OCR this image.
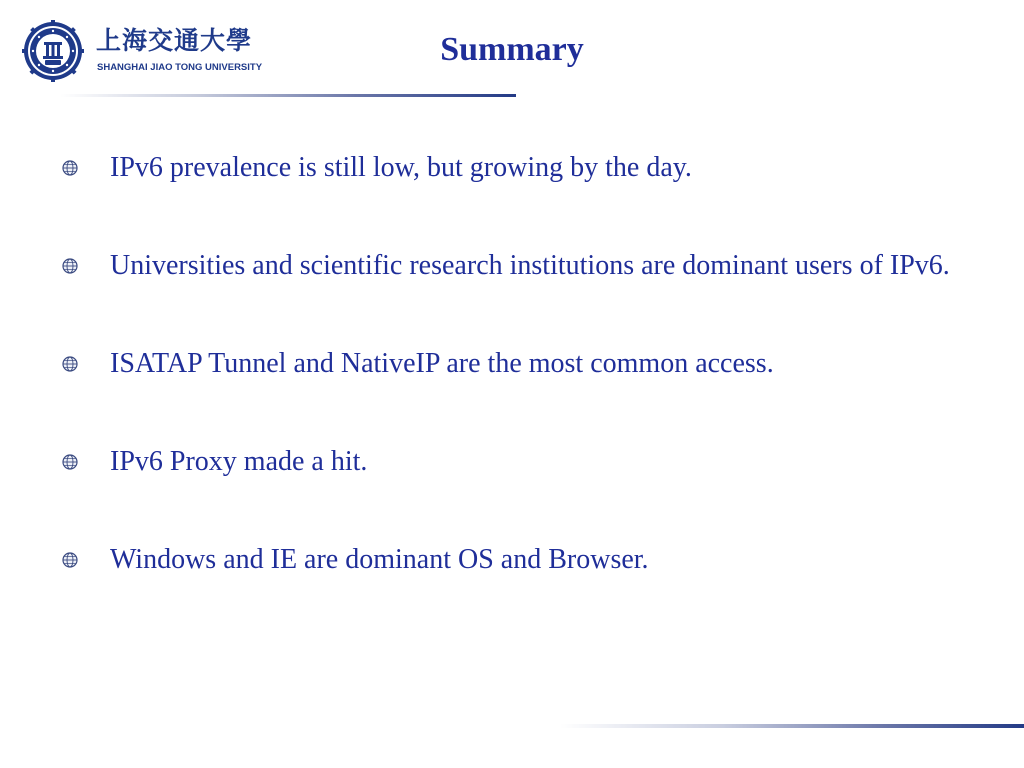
上海交通大學
SHANGHAI JIAO TONG UNIVERSITY	Summary
IPv6 prevalence is still low, but growing by the day.
Universities and scientific research institutions are dominant users of IPv6.
ISATAP Tunnel and NativeIP are the most common access.
IPv6 Proxy made a hit.
Windows and IE are dominant OS and Browser.
